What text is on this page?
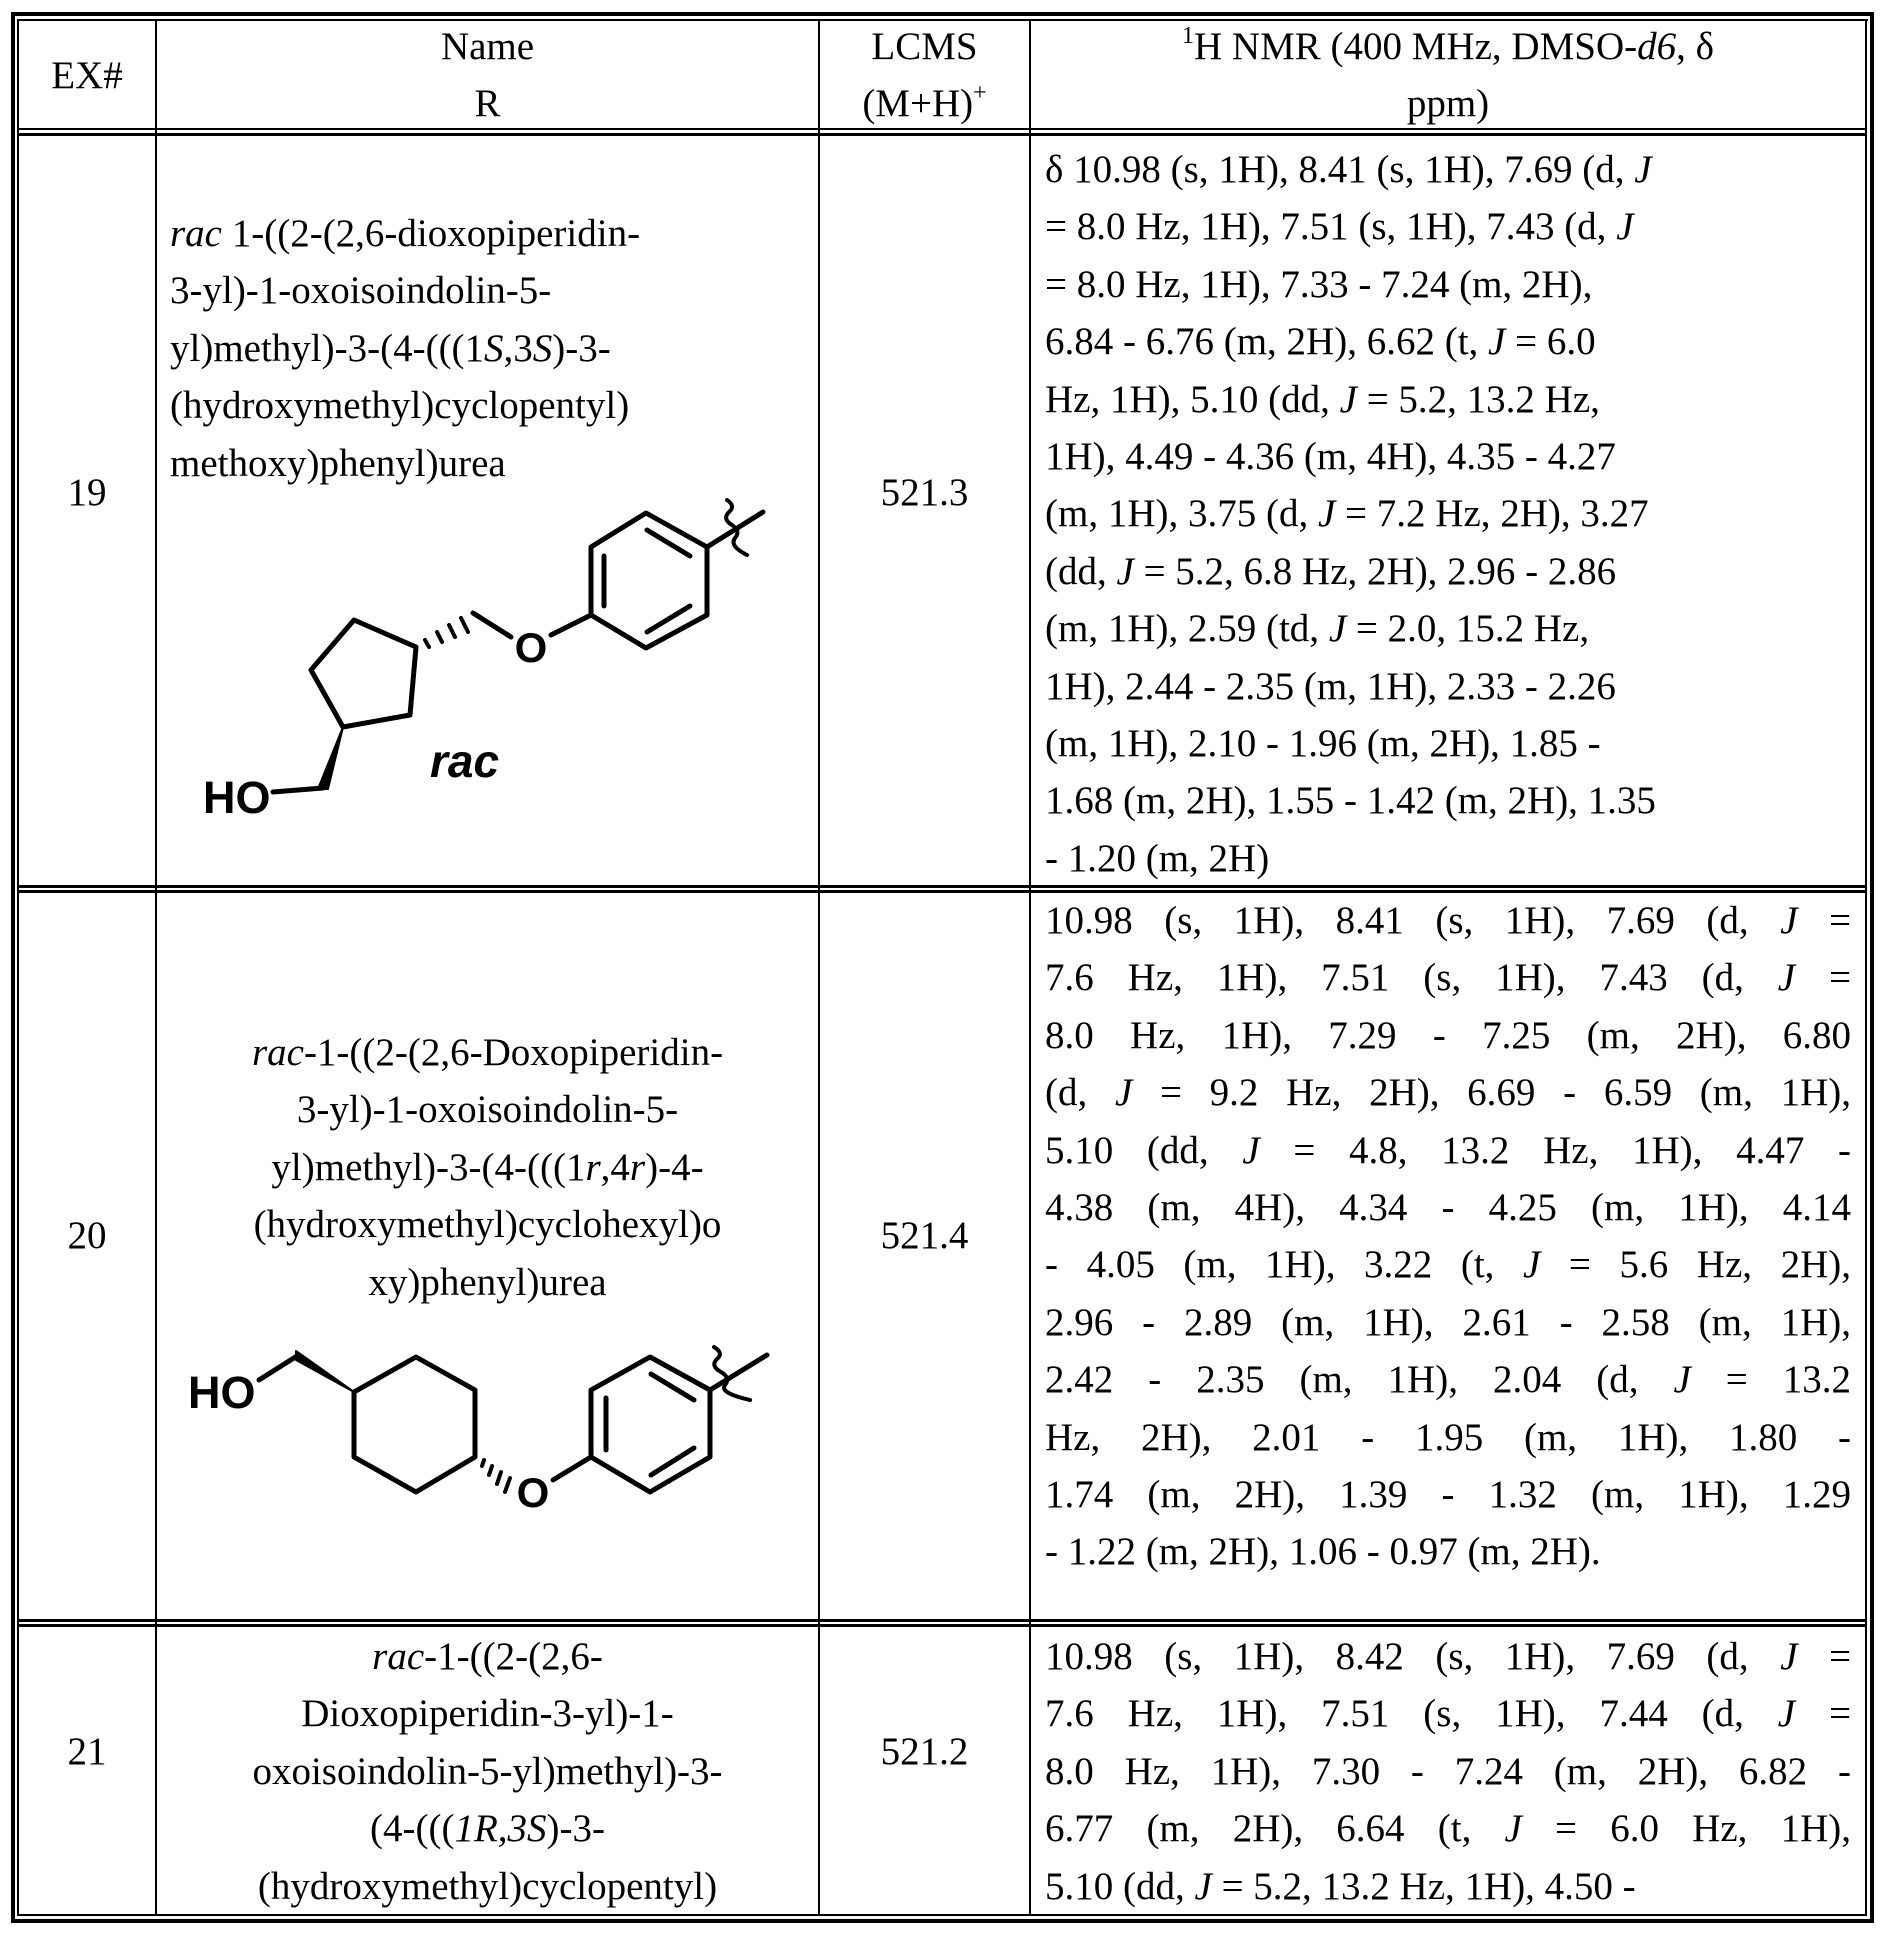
EX#
Name
R
LCMS
(M+H)+
1H NMR (400 MHz, DMSO-d6, δ
ppm)
19
rac 1-((2-(2,6-dioxopiperidin-
3-yl)-1-oxoisoindolin-5-
yl)methyl)-3-(4-(((1S,3S)-3-
(hydroxymethyl)cyclopentyl)
methoxy)phenyl)urea
521.3
δ 10.98 (s, 1H), 8.41 (s, 1H), 7.69 (d, J
= 8.0 Hz, 1H), 7.51 (s, 1H), 7.43 (d, J
= 8.0 Hz, 1H), 7.33 - 7.24 (m, 2H),
6.84 - 6.76 (m, 2H), 6.62 (t, J = 6.0
Hz, 1H), 5.10 (dd, J = 5.2, 13.2 Hz,
1H), 4.49 - 4.36 (m, 4H), 4.35 - 4.27
(m, 1H), 3.75 (d, J = 7.2 Hz, 2H), 3.27
(dd, J = 5.2, 6.8 Hz, 2H), 2.96 - 2.86
(m, 1H), 2.59 (td, J = 2.0, 15.2 Hz,
1H), 2.44 - 2.35 (m, 1H), 2.33 - 2.26
(m, 1H), 2.10 - 1.96 (m, 2H), 1.85 -
1.68 (m, 2H), 1.55 - 1.42 (m, 2H), 1.35
- 1.20 (m, 2H)
20
rac-1-((2-(2,6-Doxopiperidin-
3-yl)-1-oxoisoindolin-5-
yl)methyl)-3-(4-(((1r,4r)-4-
(hydroxymethyl)cyclohexyl)o
xy)phenyl)urea
521.4
10.98 (s, 1H), 8.41 (s, 1H), 7.69 (d, J =
7.6 Hz, 1H), 7.51 (s, 1H), 7.43 (d, J =
8.0 Hz, 1H), 7.29 - 7.25 (m, 2H), 6.80
(d, J = 9.2 Hz, 2H), 6.69 - 6.59 (m, 1H),
5.10 (dd, J = 4.8, 13.2 Hz, 1H), 4.47 -
4.38 (m, 4H), 4.34 - 4.25 (m, 1H), 4.14
- 4.05 (m, 1H), 3.22 (t, J = 5.6 Hz, 2H),
2.96 - 2.89 (m, 1H), 2.61 - 2.58 (m, 1H),
2.42 - 2.35 (m, 1H), 2.04 (d, J = 13.2
Hz, 2H), 2.01 - 1.95 (m, 1H), 1.80 -
1.74 (m, 2H), 1.39 - 1.32 (m, 1H), 1.29
- 1.22 (m, 2H), 1.06 - 0.97 (m, 2H).
21
rac-1-((2-(2,6-
Dioxopiperidin-3-yl)-1-
oxoisoindolin-5-yl)methyl)-3-
(4-(((1R,3S)-3-
(hydroxymethyl)cyclopentyl)
521.2
10.98 (s, 1H), 8.42 (s, 1H), 7.69 (d, J =
7.6 Hz, 1H), 7.51 (s, 1H), 7.44 (d, J =
8.0 Hz, 1H), 7.30 - 7.24 (m, 2H), 6.82 -
6.77 (m, 2H), 6.64 (t, J = 6.0 Hz, 1H),
5.10 (dd, J = 5.2, 13.2 Hz, 1H), 4.50 -
O
HO
rac
O
HO
